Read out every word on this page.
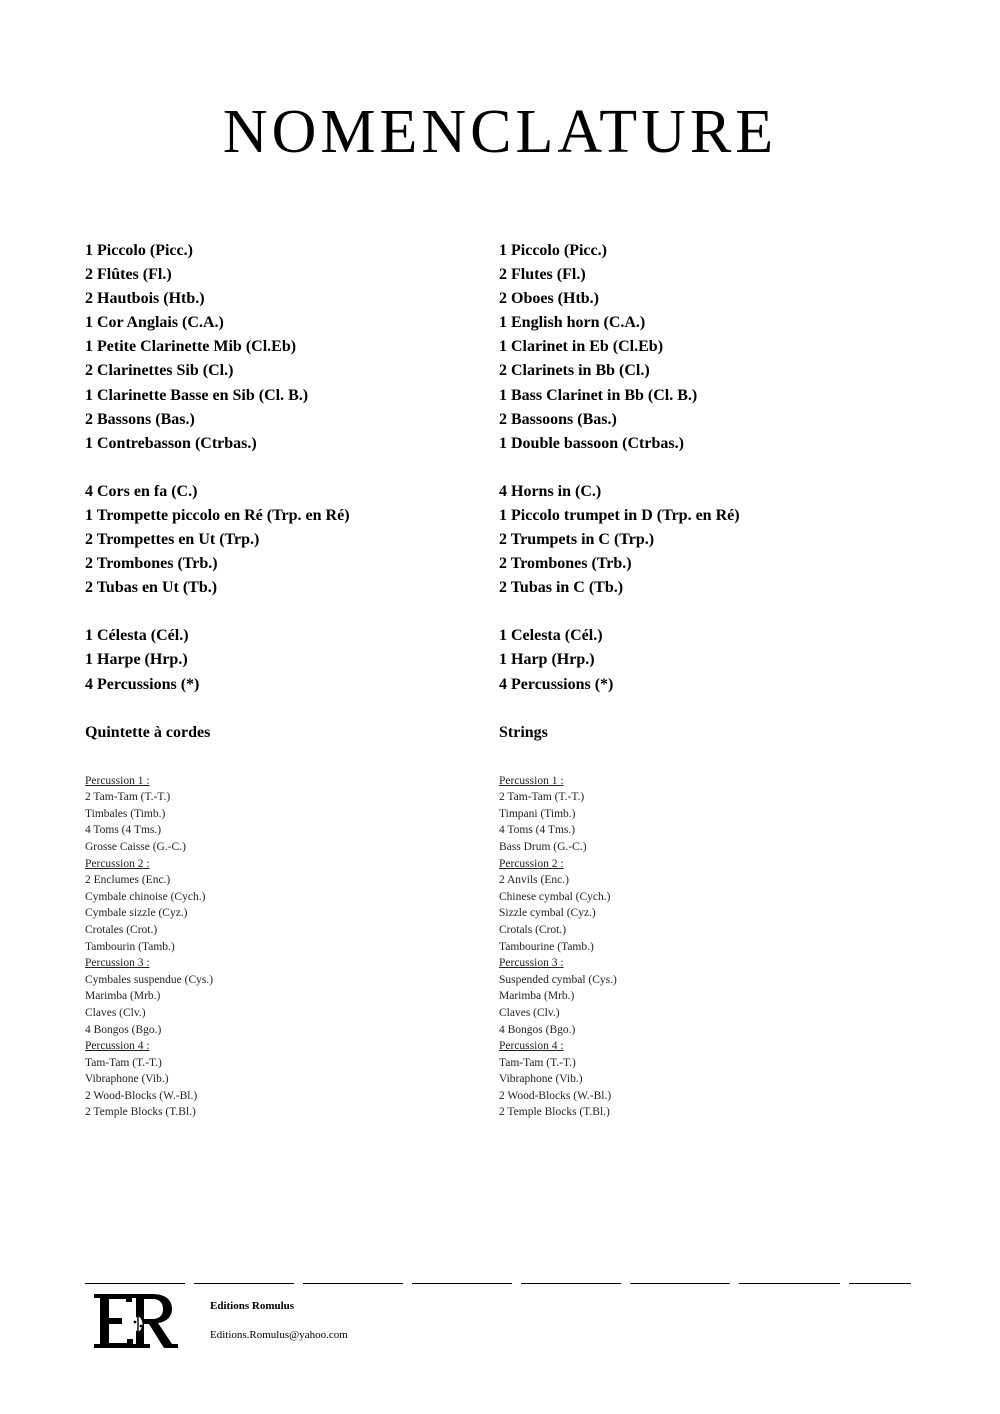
NOMENCLATURE
1 Piccolo (Picc.)
2 Flûtes (Fl.)
2 Hautbois (Htb.)
1 Cor Anglais (C.A.)
1 Petite Clarinette Mib (Cl.Eb)
2 Clarinettes Sib (Cl.)
1 Clarinette Basse en Sib (Cl. B.)
2 Bassons (Bas.)
1 Contrebasson (Ctrbas.)
4 Cors en fa (C.)
1 Trompette piccolo en Ré (Trp. en Ré)
2 Trompettes en Ut (Trp.)
2 Trombones (Trb.)
2 Tubas en Ut (Tb.)
1 Célesta (Cél.)
1 Harpe (Hrp.)
4 Percussions (*)
Quintette à cordes
Percussion 1 :
2 Tam-Tam (T.-T.)
Timbales (Timb.)
4 Toms (4 Tms.)
Grosse Caisse (G.-C.)
Percussion 2 :
2 Enclumes (Enc.)
Cymbale chinoise (Cych.)
Cymbale sizzle (Cyz.)
Crotales (Crot.)
Tambourin (Tamb.)
Percussion 3 :
Cymbales suspendue (Cys.)
Marimba (Mrb.)
Claves (Clv.)
4 Bongos (Bgo.)
Percussion 4 :
Tam-Tam (T.-T.)
Vibraphone (Vib.)
2 Wood-Blocks (W.-Bl.)
2 Temple Blocks (T.Bl.)
1 Piccolo (Picc.)
2 Flutes (Fl.)
2 Oboes (Htb.)
1 English horn (C.A.)
1 Clarinet in Eb (Cl.Eb)
2 Clarinets in Bb (Cl.)
1 Bass Clarinet in Bb (Cl. B.)
2 Bassoons (Bas.)
1 Double bassoon (Ctrbas.)
4 Horns in (C.)
1 Piccolo trumpet in D (Trp. en Ré)
2 Trumpets in C (Trp.)
2 Trombones (Trb.)
2 Tubas in C (Tb.)
1 Celesta (Cél.)
1 Harp (Hrp.)
4 Percussions (*)
Strings
Percussion 1 :
2 Tam-Tam (T.-T.)
Timpani (Timb.)
4 Toms (4 Tms.)
Bass Drum (G.-C.)
Percussion 2 :
2 Anvils (Enc.)
Chinese cymbal (Cych.)
Sizzle cymbal (Cyz.)
Crotals (Crot.)
Tambourine (Tamb.)
Percussion 3 :
Suspended cymbal (Cys.)
Marimba (Mrb.)
Claves (Clv.)
4 Bongos (Bgo.)
Percussion 4 :
Tam-Tam (T.-T.)
Vibraphone (Vib.)
2 Wood-Blocks (W.-Bl.)
2 Temple Blocks (T.Bl.)
Editions Romulus
Editions.Romulus@yahoo.com
